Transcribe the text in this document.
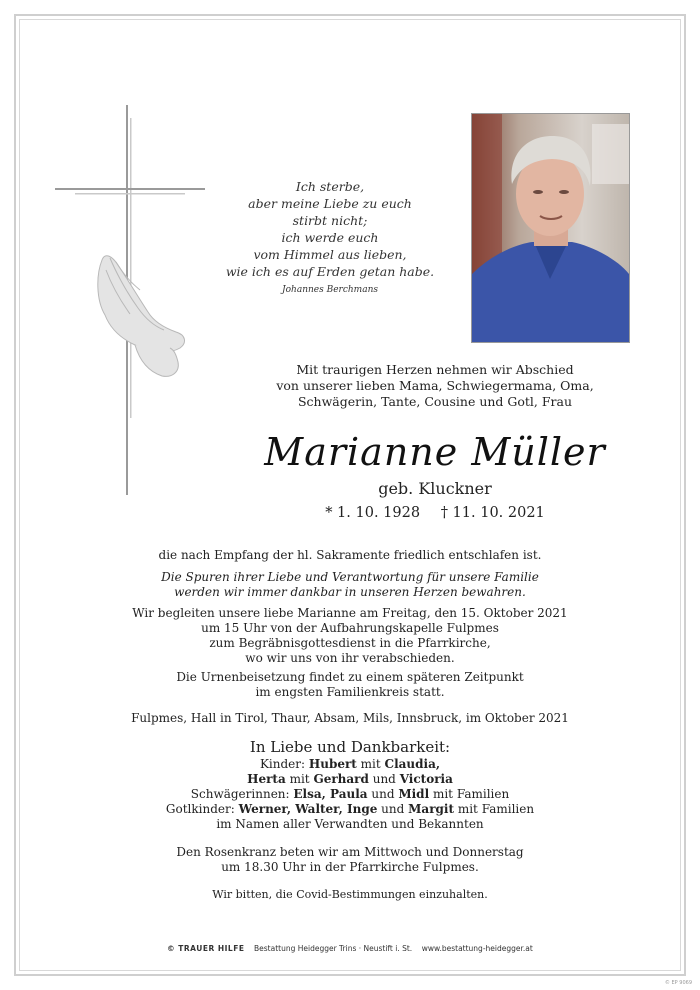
Ich sterbe,
aber meine Liebe zu euch
stirbt nicht;
ich werde euch
vom Himmel aus lieben,
wie ich es auf Erden getan habe.
Johannes Berchmans
Mit traurigen Herzen nehmen wir Abschied
von unserer lieben Mama, Schwiegermama, Oma,
Schwägerin, Tante, Cousine und Gotl, Frau
Marianne Müller
geb. Kluckner
* 1. 10. 1928 † 11. 10. 2021
die nach Empfang der hl. Sakramente friedlich entschlafen ist.
Die Spuren ihrer Liebe und Verantwortung für unsere Familie
werden wir immer dankbar in unseren Herzen bewahren.
Wir begleiten unsere liebe Marianne am Freitag, den 15. Oktober 2021
um 15 Uhr von der Aufbahrungskapelle Fulpmes
zum Begräbnisgottesdienst in die Pfarrkirche,
wo wir uns von ihr verabschieden.
Die Urnenbeisetzung findet zu einem späteren Zeitpunkt
im engsten Familienkreis statt.
Fulpmes, Hall in Tirol, Thaur, Absam, Mils, Innsbruck, im Oktober 2021
In Liebe und Dankbarkeit:
Kinder: Hubert mit Claudia,
Herta mit Gerhard und Victoria
Schwägerinnen: Elsa, Paula und Midl mit Familien
Gotlkinder: Werner, Walter, Inge und Margit mit Familien
im Namen aller Verwandten und Bekannten
Den Rosenkranz beten wir am Mittwoch und Donnerstag
um 18.30 Uhr in der Pfarrkirche Fulpmes.
Wir bitten, die Covid-Bestimmungen einzuhalten.
© TRAUER HILFE Bestattung Heidegger Trins · Neustift i. St. www.bestattung-heidegger.at
© EP 9069
